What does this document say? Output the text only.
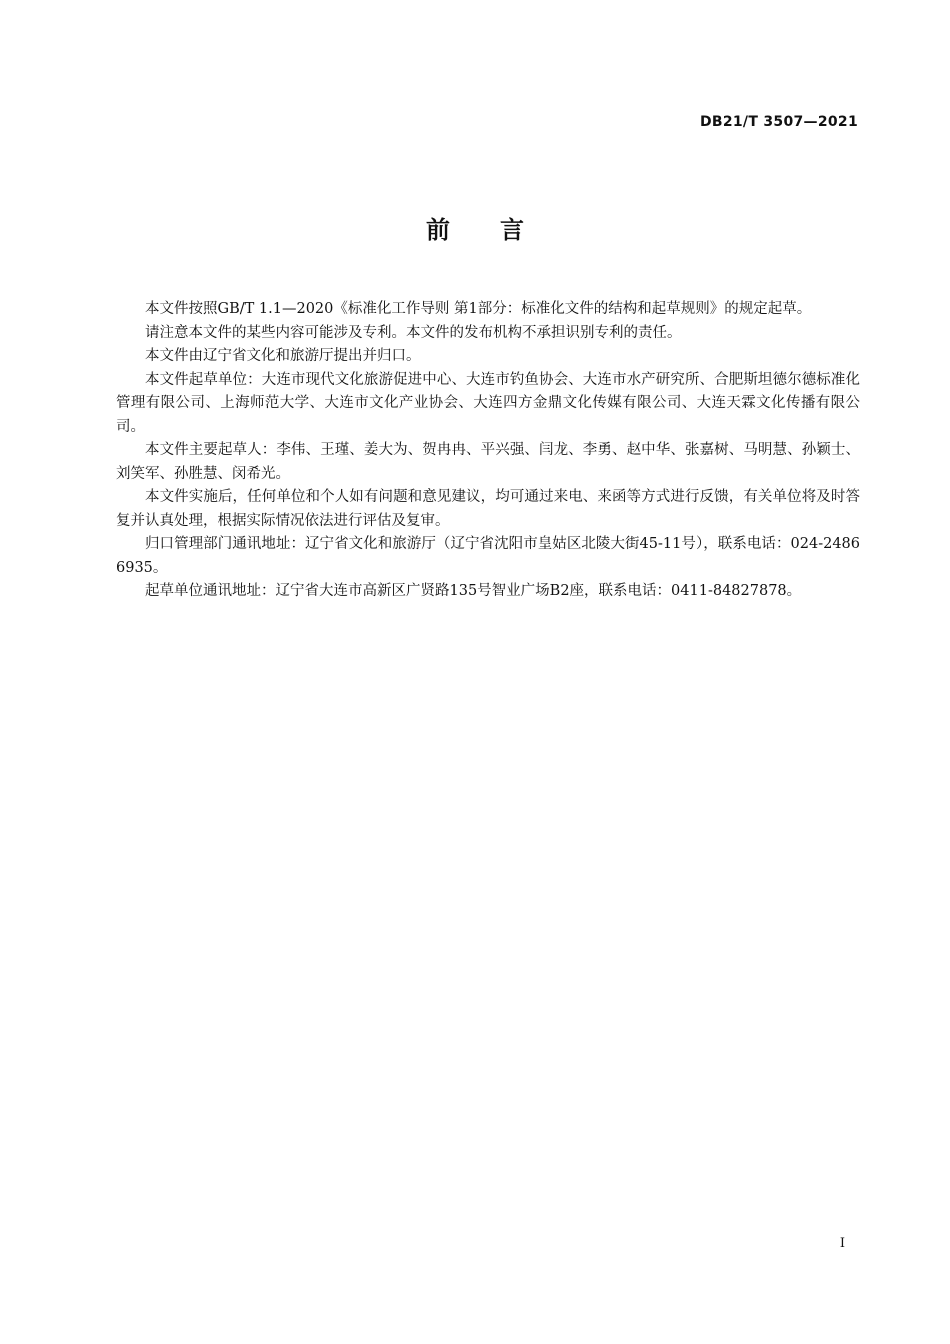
DB21/T 3507—2021
前言

本文件按照GB/T 1.1—2020《标准化工作导则 第1部分：标准化文件的结构和起草规则》的规定起草。

请注意本文件的某些内容可能涉及专利。本文件的发布机构不承担识别专利的责任。

本文件由辽宁省文化和旅游厅提出并归口。

本文件起草单位：大连市现代文化旅游促进中心、大连市钓鱼协会、大连市水产研究所、合肥斯坦德尔德标准化管理有限公司、上海师范大学、大连市文化产业协会、大连四方金鼎文化传媒有限公司、大连天霖文化传播有限公司。

本文件主要起草人：李伟、王瑾、姜大为、贺冉冉、平兴强、闫龙、李勇、赵中华、张嘉树、马明慧、孙颖士、刘笑军、孙胜慧、闵希光。

本文件实施后，任何单位和个人如有问题和意见建议，均可通过来电、来函等方式进行反馈，有关单位将及时答复并认真处理，根据实际情况依法进行评估及复审。

归口管理部门通讯地址：辽宁省文化和旅游厅（辽宁省沈阳市皇姑区北陵大街45-11号），联系电话：024-24866935。

起草单位通讯地址：辽宁省大连市高新区广贤路135号智业广场B2座，联系电话：0411-84827878。

I
